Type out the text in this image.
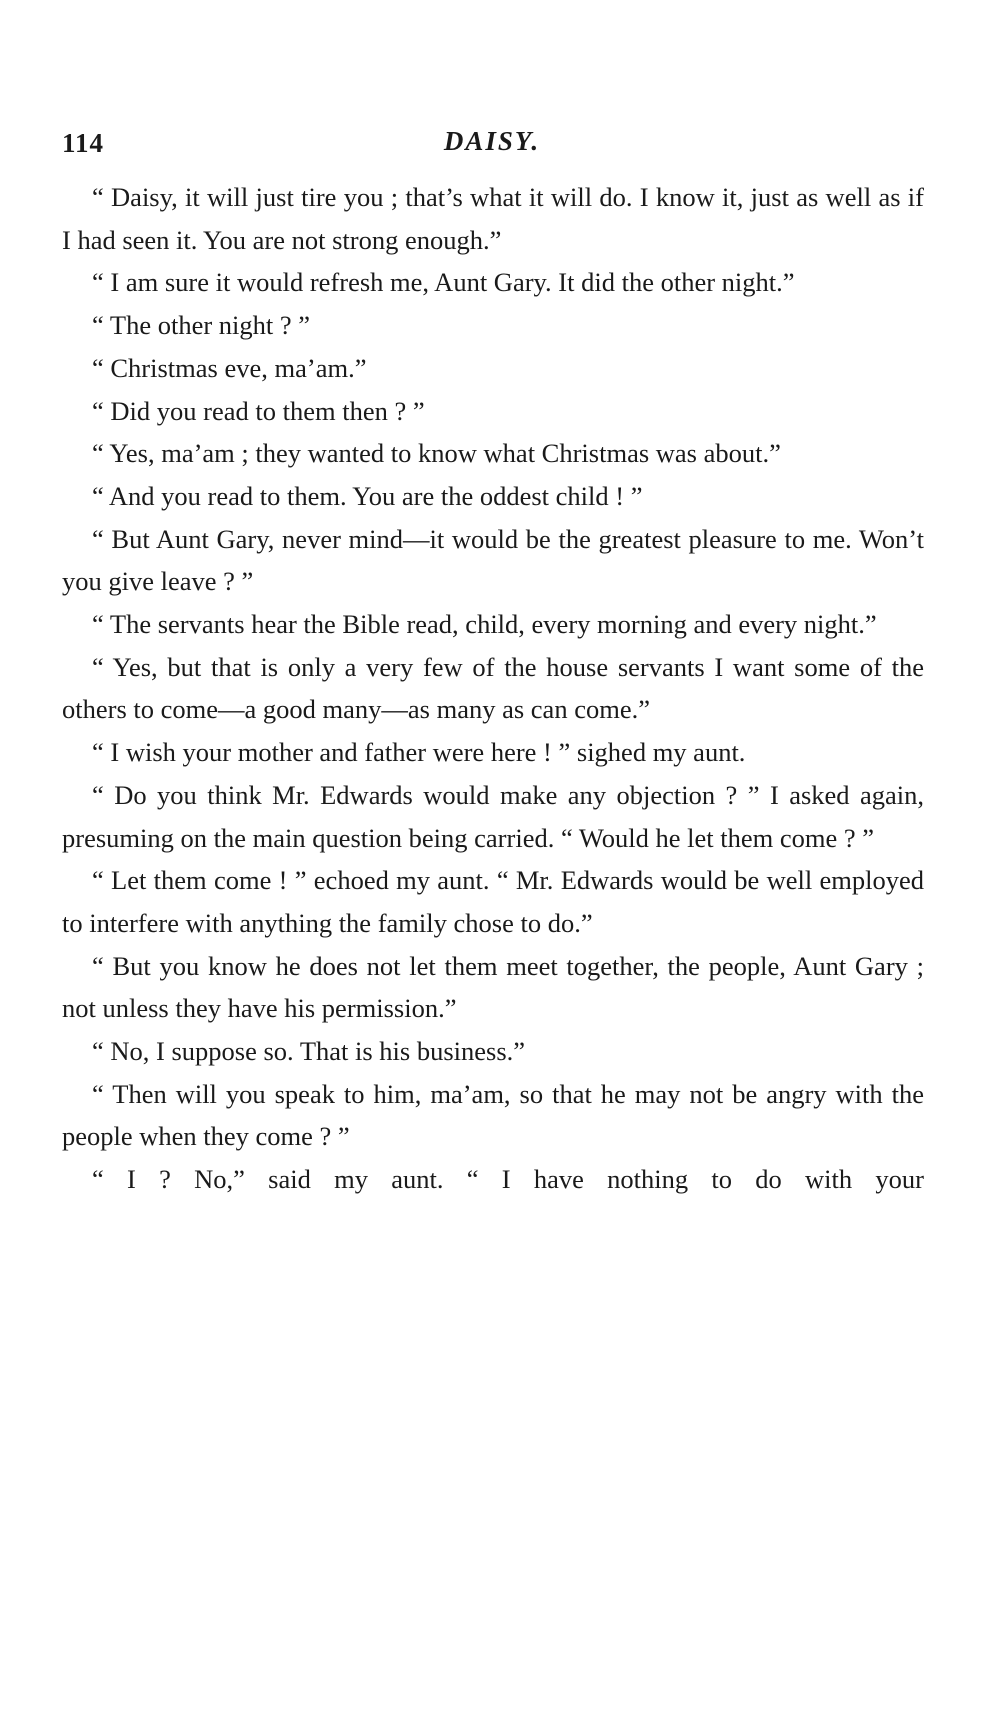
114	DAISY.

“ Daisy, it will just tire you ; that’s what it will do. I know it, just as well as if I had seen it. You are not strong enough.”

“ I am sure it would refresh me, Aunt Gary. It did the other night.”

“ The other night ? ”

“ Christmas eve, ma’am.”

“ Did you read to them then ? ”

“ Yes, ma’am ; they wanted to know what Christmas was about.”

“ And you read to them. You are the oddest child ! ”

“ But Aunt Gary, never mind—it would be the greatest pleasure to me. Won’t you give leave ? ”

“ The servants hear the Bible read, child, every morning and every night.”

“ Yes, but that is only a very few of the house servants I want some of the others to come—a good many—as many as can come.”

“ I wish your mother and father were here ! ” sighed my aunt.

“ Do you think Mr. Edwards would make any objection ? ” I asked again, presuming on the main question being carried. “ Would he let them come ? ”

“ Let them come ! ” echoed my aunt. “ Mr. Edwards would be well employed to interfere with anything the family chose to do.”

“ But you know he does not let them meet together, the people, Aunt Gary ; not unless they have his permission.”

“ No, I suppose so. That is his business.”

“ Then will you speak to him, ma’am, so that he may not be angry with the people when they come ? ”

“ I ? No,” said my aunt. “ I have nothing to do with your
